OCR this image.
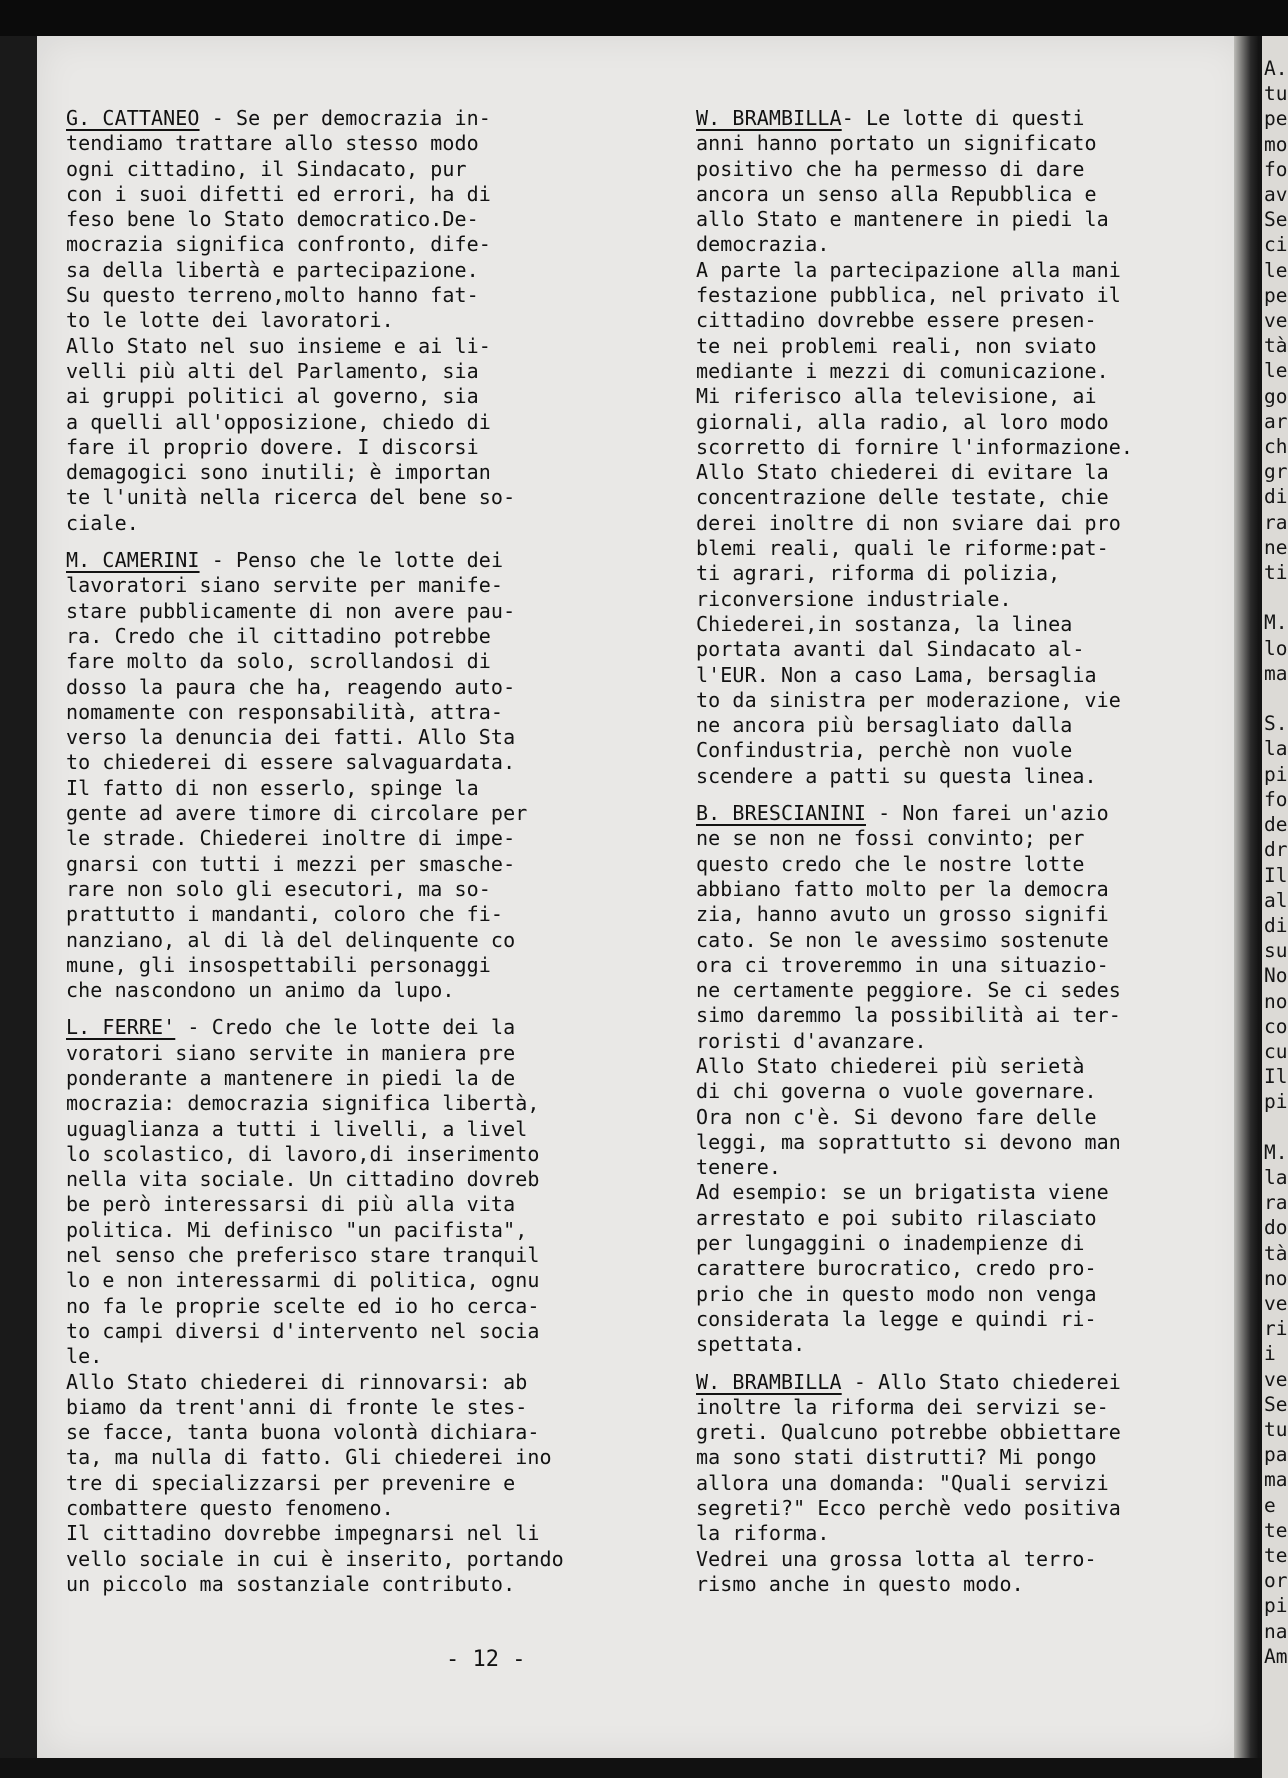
G. CATTANEO - Se per democrazia in-
tendiamo trattare allo stesso modo
ogni cittadino, il Sindacato, pur
con i suoi difetti ed errori, ha di
feso bene lo Stato democratico.De-
mocrazia significa confronto, dife-
sa della libertà e partecipazione.
Su questo terreno,molto hanno fat-
to le lotte dei lavoratori.
Allo Stato nel suo insieme e ai li-
velli più alti del Parlamento, sia
ai gruppi politici al governo, sia
a quelli all'opposizione, chiedo di
fare il proprio dovere. I discorsi
demagogici sono inutili; è importan
te l'unità nella ricerca del bene so-
ciale.
M. CAMERINI - Penso che le lotte dei
lavoratori siano servite per manife-
stare pubblicamente di non avere pau-
ra. Credo che il cittadino potrebbe
fare molto da solo, scrollandosi di
dosso la paura che ha, reagendo auto-
nomamente con responsabilità, attra-
verso la denuncia dei fatti. Allo Sta
to chiederei di essere salvaguardata.
Il fatto di non esserlo, spinge la
gente ad avere timore di circolare per
le strade. Chiederei inoltre di impe-
gnarsi con tutti i mezzi per smasche-
rare non solo gli esecutori, ma so-
prattutto i mandanti, coloro che fi-
nanziano, al di là del delinquente co
mune, gli insospettabili personaggi
che nascondono un animo da lupo.
L. FERRE' - Credo che le lotte dei la
voratori siano servite in maniera pre
ponderante a mantenere in piedi la de
mocrazia: democrazia significa libertà,
uguaglianza a tutti i livelli, a livel
lo scolastico, di lavoro,di inserimento
nella vita sociale. Un cittadino dovreb
be però interessarsi di più alla vita
politica. Mi definisco "un pacifista",
nel senso che preferisco stare tranquil
lo e non interessarmi di politica, ognu
no fa le proprie scelte ed io ho cerca-
to campi diversi d'intervento nel socia
le.
Allo Stato chiederei di rinnovarsi: ab
biamo da trent'anni di fronte le stes-
se facce, tanta buona volontà dichiara-
ta, ma nulla di fatto. Gli chiederei ino
tre di specializzarsi per prevenire e
combattere questo fenomeno.
Il cittadino dovrebbe impegnarsi nel li
vello sociale in cui è inserito, portando
un piccolo ma sostanziale contributo.
W. BRAMBILLA- Le lotte di questi
anni hanno portato un significato
positivo che ha permesso di dare
ancora un senso alla Repubblica e
allo Stato e mantenere in piedi la
democrazia.
A parte la partecipazione alla mani
festazione pubblica, nel privato il
cittadino dovrebbe essere presen-
te nei problemi reali, non sviato
mediante i mezzi di comunicazione.
Mi riferisco alla televisione, ai
giornali, alla radio, al loro modo
scorretto di fornire l'informazione.
Allo Stato chiederei di evitare la
concentrazione delle testate, chie
derei inoltre di non sviare dai pro
blemi reali, quali le riforme:pat-
ti agrari, riforma di polizia,
riconversione industriale.
Chiederei,in sostanza, la linea
portata avanti dal Sindacato al-
l'EUR. Non a caso Lama, bersaglia
to da sinistra per moderazione, vie
ne ancora più bersagliato dalla
Confindustria, perchè non vuole
scendere a patti su questa linea.
B. BRESCIANINI - Non farei un'azio
ne se non ne fossi convinto; per
questo credo che le nostre lotte
abbiano fatto molto per la democra
zia, hanno avuto un grosso signifi
cato. Se non le avessimo sostenute
ora ci troveremmo in una situazio-
ne certamente peggiore. Se ci sedes
simo daremmo la possibilità ai ter-
roristi d'avanzare.
Allo Stato chiederei più serietà
di chi governa o vuole governare.
Ora non c'è. Si devono fare delle
leggi, ma soprattutto si devono man
tenere.
Ad esempio: se un brigatista viene
arrestato e poi subito rilasciato
per lungaggini o inadempienze di
carattere burocratico, credo pro-
prio che in questo modo non venga
considerata la legge e quindi ri-
spettata.
W. BRAMBILLA - Allo Stato chiederei
inoltre la riforma dei servizi se-
greti. Qualcuno potrebbe obbiettare
ma sono stati distrutti? Mi pongo
allora una domanda: "Quali servizi
segreti?" Ecco perchè vedo positiva
la riforma.
Vedrei una grossa lotta al terro-
rismo anche in questo modo.
- 12 -
A.
tu
pe
mo
fo
av
Se
ci
le
pe
ve
tà
le
go
ar
ch
gr
di
ra
ne
ti

M.
lo
ma

S.
la
pi
fo
de
dr
Il
al
di
su
No
no
co
cu
Il
pi

M.
la
ra
do
tà
no
ve
ri
i
ve
Se
tu
pa
ma
e
te
te
or
pi
na
Am
